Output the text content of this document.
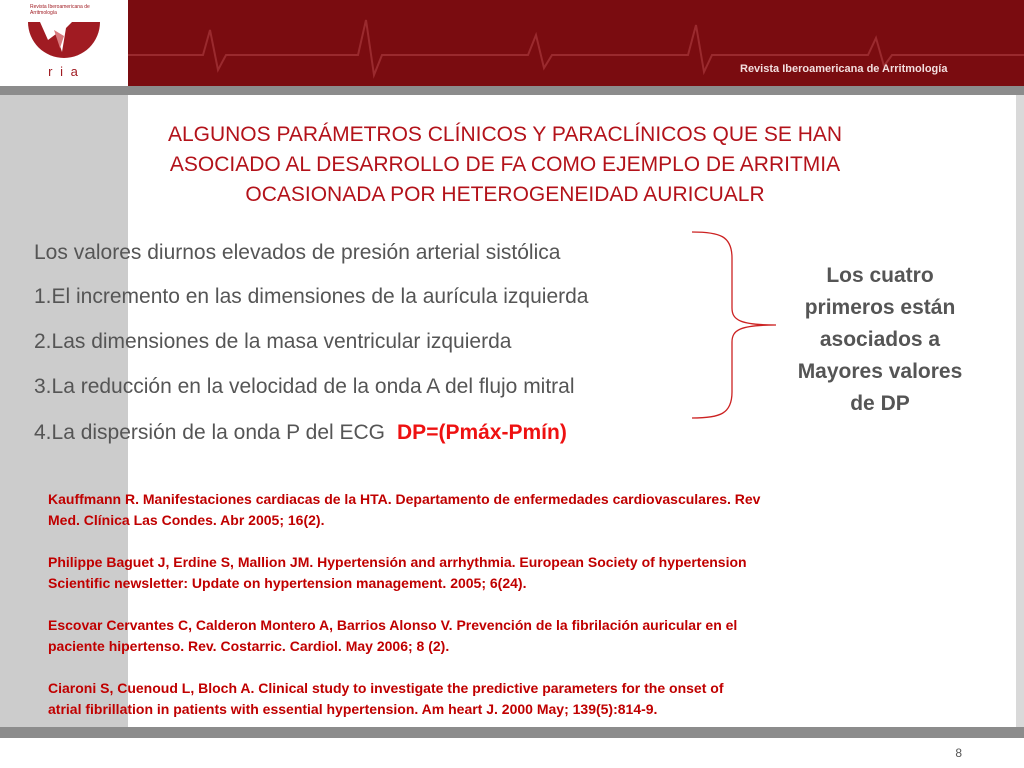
Revista Iberoamericana de Arritmología
r i a	Revista Iberoamericana de Arritmología
ALGUNOS PARÁMETROS CLÍNICOS Y PARACLÍNICOS QUE SE HAN
ASOCIADO AL DESARROLLO DE FA COMO EJEMPLO DE ARRITMIA
OCASIONADA POR HETEROGENEIDAD AURICUALR
Los valores diurnos elevados de presión arterial sistólica
1.El incremento en las dimensiones de la aurícula izquierda
2.Las dimensiones de la masa ventricular izquierda
3.La reducción en la velocidad de la onda A del flujo mitral
4.La dispersión de la onda P del ECG DP=(Pmáx-Pmín)
Los cuatro
primeros están
asociados a
Mayores valores
de DP
Kauffmann R. Manifestaciones cardiacas de la HTA. Departamento de enfermedades cardiovasculares. Rev
Med. Clínica Las Condes. Abr 2005; 16(2).
Philippe Baguet J, Erdine S, Mallion JM. Hypertensión and arrhythmia. European Society of hypertension
Scientific newsletter: Update on hypertension management. 2005; 6(24).
Escovar Cervantes C, Calderon Montero A, Barrios Alonso V. Prevención de la fibrilación auricular en el
paciente hipertenso. Rev. Costarric. Cardiol. May 2006; 8 (2).
Ciaroni S, Cuenoud L, Bloch A. Clinical study to investigate the predictive parameters for the onset of
atrial fibrillation in patients with essential hypertension. Am heart J. 2000 May; 139(5):814-9.
8
